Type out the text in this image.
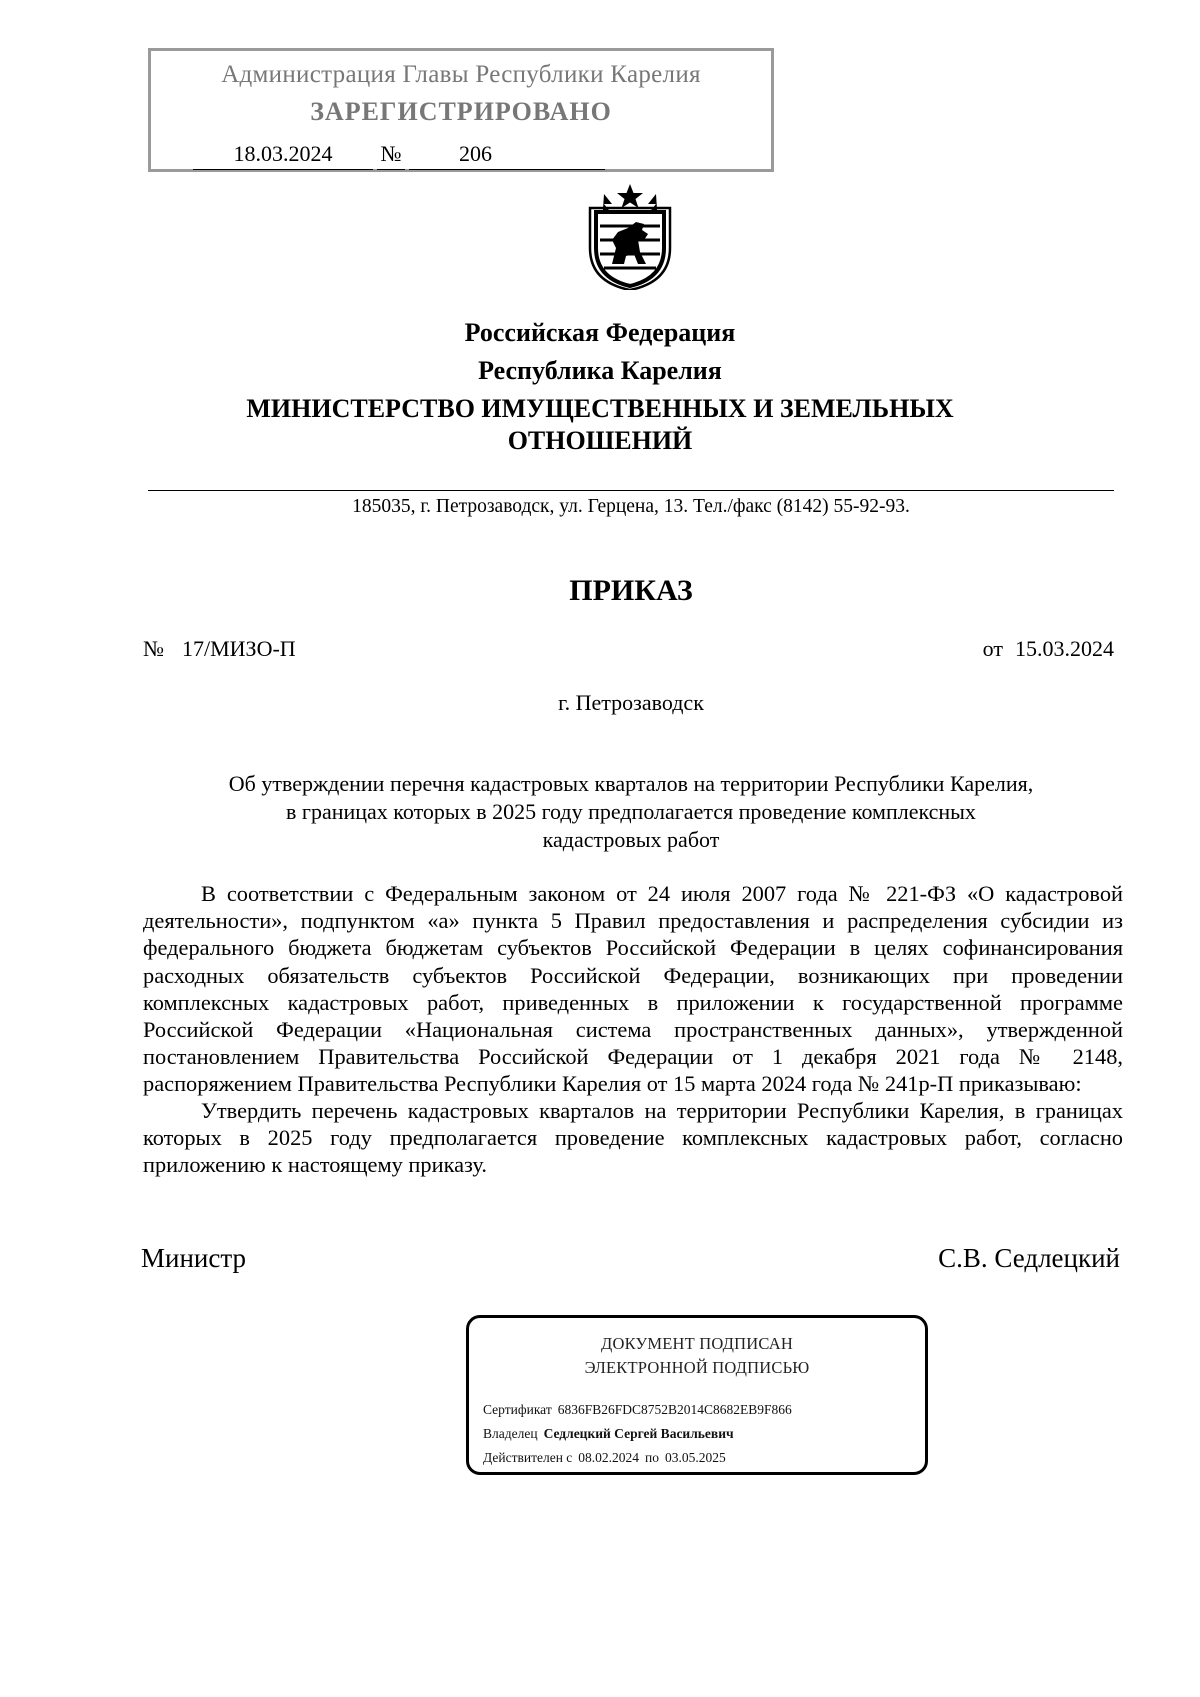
Администрация Главы Республики Карелия
ЗАРЕГИСТРИРОВАНО
18.03.2024	№	206
Российская Федерация
Республика Карелия
МИНИСТЕРСТВО ИМУЩЕСТВЕННЫХ И ЗЕМЕЛЬНЫХ
ОТНОШЕНИЙ
185035, г. Петрозаводск, ул. Герцена, 13. Тел./факс (8142) 55-92-93.
ПРИКАЗ
№ 17/МИЗО-П	от 15.03.2024
г. Петрозаводск
Об утверждении перечня кадастровых кварталов на территории Республики Карелия,
в границах которых в 2025 году предполагается проведение комплексных
кадастровых работ

В соответствии с Федеральным законом от 24 июля 2007 года № 221-ФЗ «О кадастровой деятельности», подпунктом «а» пункта 5 Правил предоставления и распределения субсидии из федерального бюджета бюджетам субъектов Российской Федерации в целях софинансирования расходных обязательств субъектов Российской Федерации, возникающих при проведении комплексных кадастровых работ, приведенных в приложении к государственной программе Российской Федерации «Национальная система пространственных данных», утвержденной постановлением Правительства Российской Федерации от 1 декабря 2021 года № 2148, распоряжением Правительства Республики Карелия от 15 марта 2024 года № 241р-П приказываю:

Утвердить перечень кадастровых кварталов на территории Республики Карелия, в границах которых в 2025 году предполагается проведение комплексных кадастровых работ, согласно приложению к настоящему приказу.

Министр	С.В. Седлецкий
ДОКУМЕНТ ПОДПИСАН
ЭЛЕКТРОННОЙ ПОДПИСЬЮ
Сертификат 6836FB26FDC8752B2014C8682EB9F866
Владелец Седлецкий Сергей Васильевич
Действителен с 08.02.2024 по 03.05.2025
